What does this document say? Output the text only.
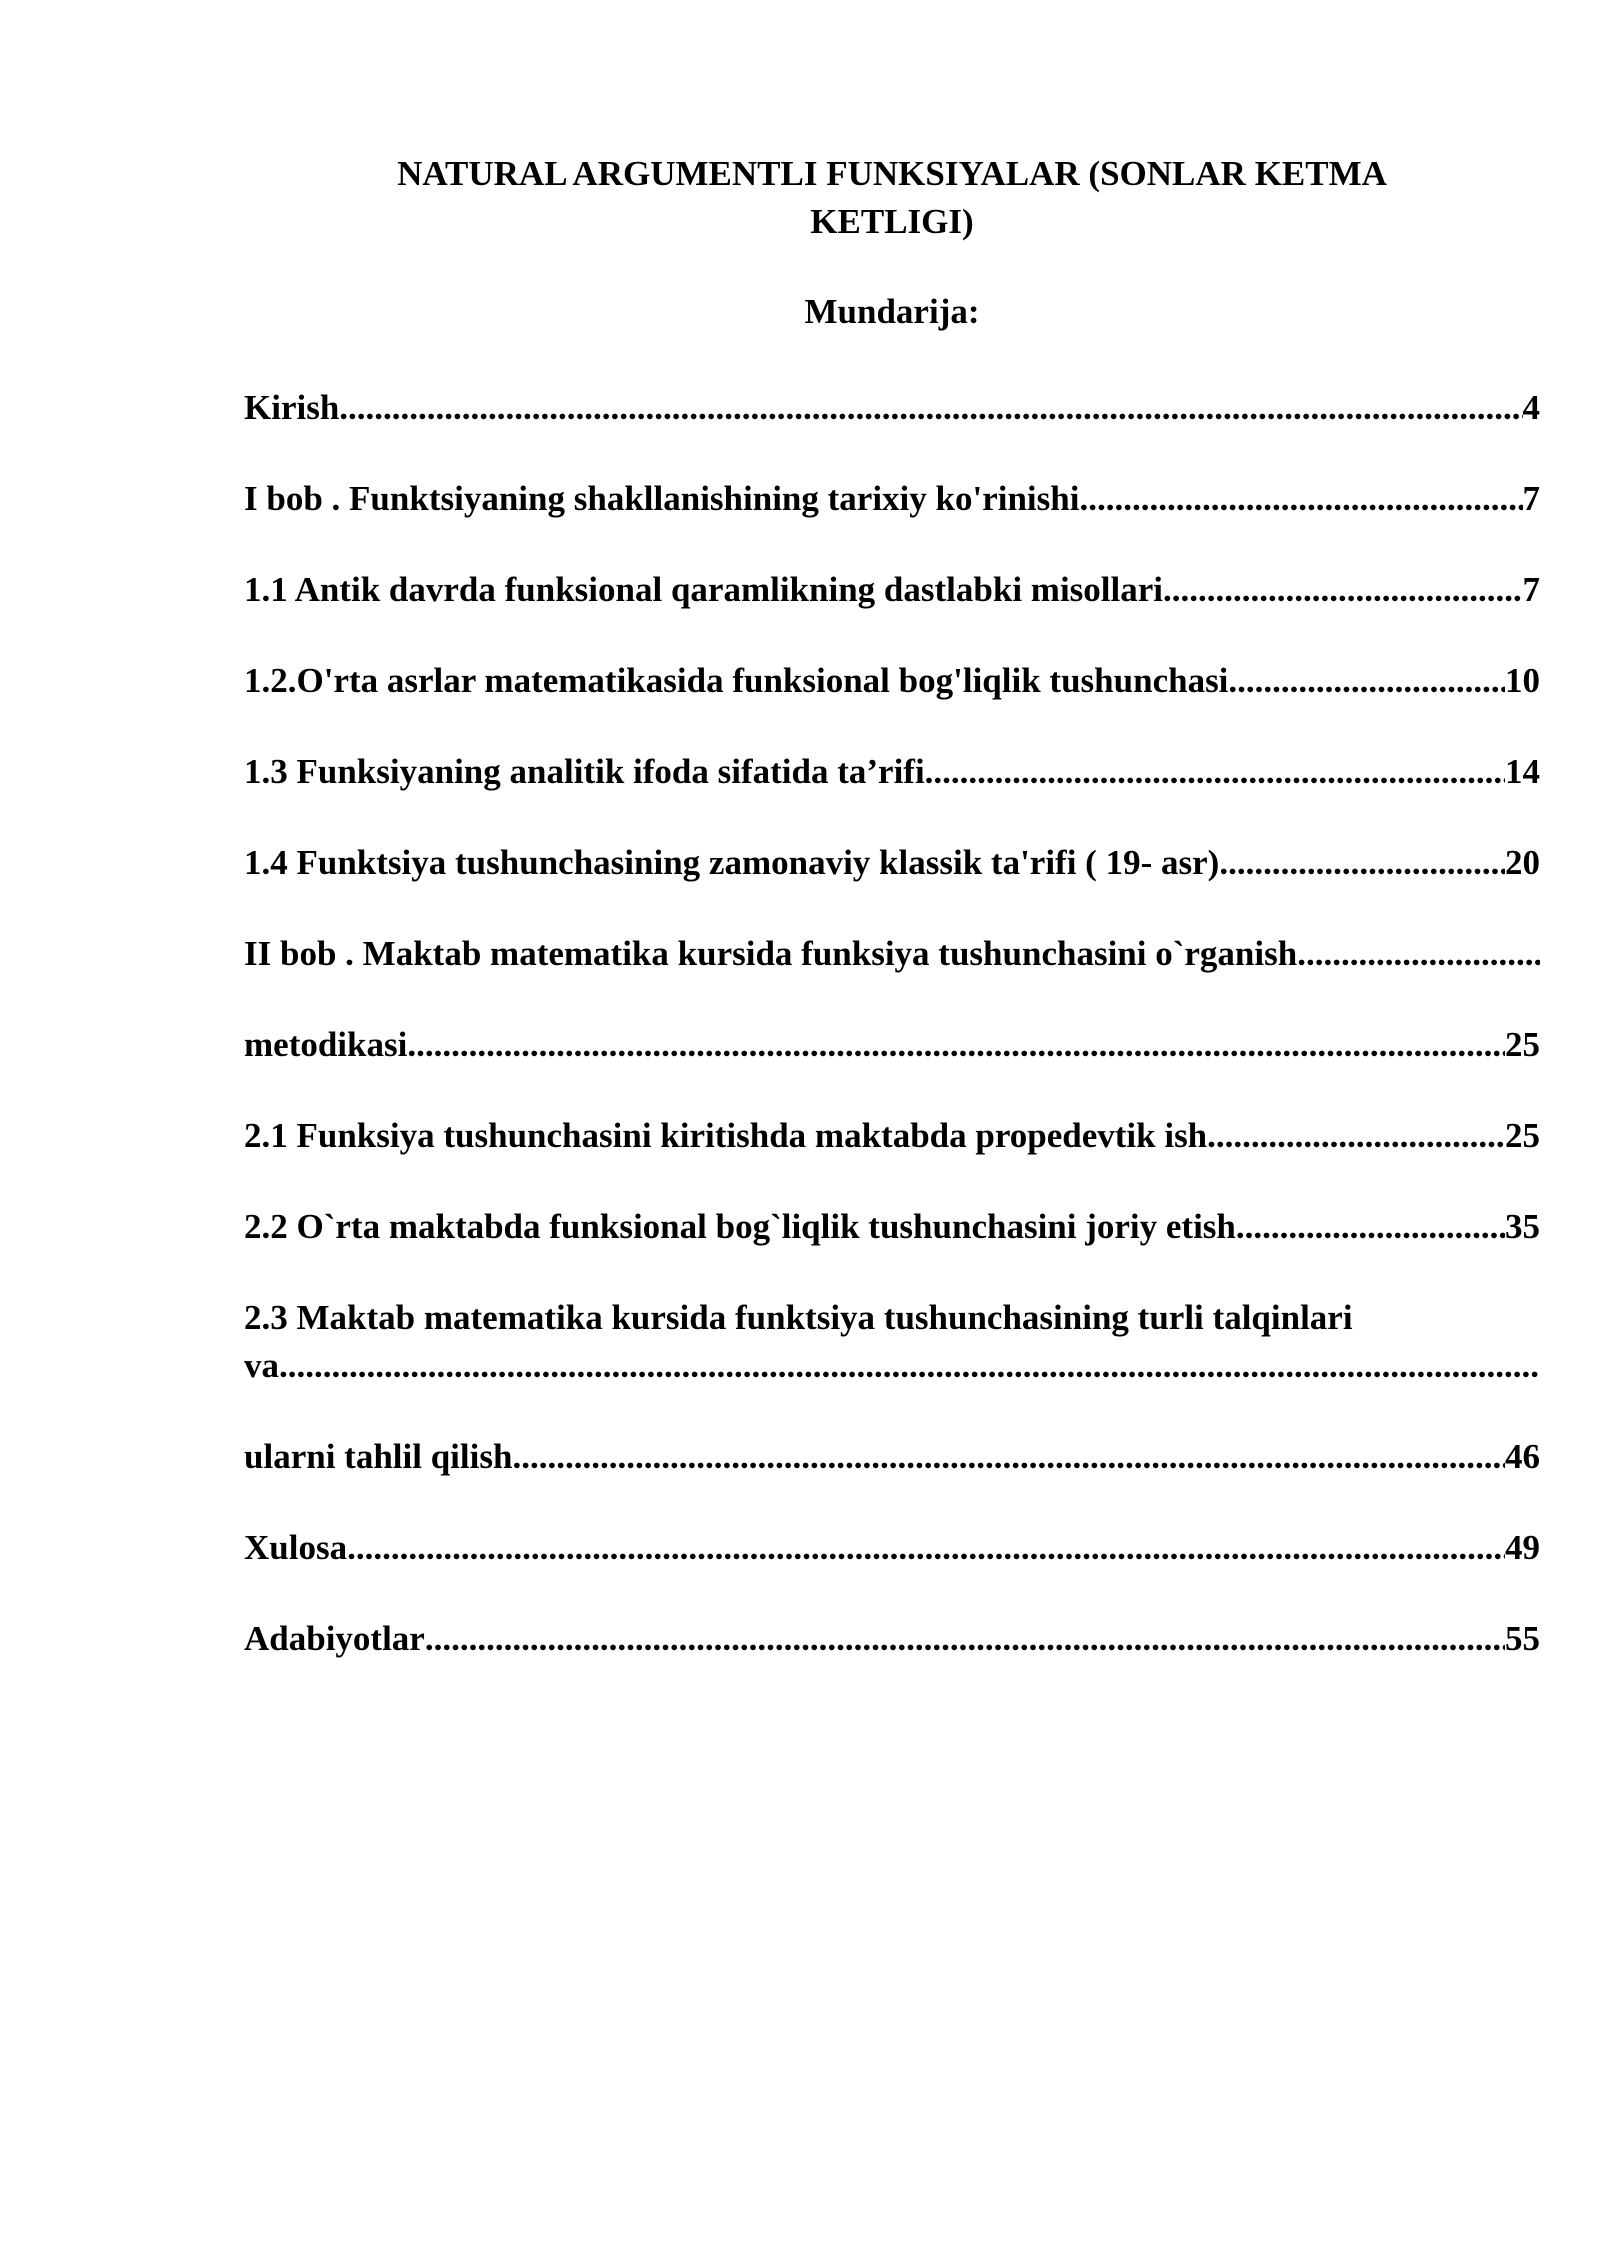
NATURAL ARGUMENTLI FUNKSIYALAR (SONLAR KETMA
KETLIGI)
Mundarija:
Kirish .....	4
I bob . Funktsiyaning shakllanishining tarixiy ko'rinishi .....	7
1.1 Antik davrda funksional qaramlikning dastlabki misollari .....	7
1.2.O'rta asrlar matematikasida funksional bog'liqlik tushunchasi .....	10
1.3 Funksiyaning analitik ifoda sifatida ta’rifi .....	14
1.4 Funktsiya tushunchasining zamonaviy klassik ta'rifi ( 19- asr) .....	20
II bob . Maktab matematika kursida funksiya tushunchasini o`rganish
.....
metodikasi .....	25
2.1 Funksiya tushunchasini kiritishda maktabda propedevtik ish .....	25
2.2 O`rta maktabda funksional bog`liqlik tushunchasini joriy etish .....	35
2.3 Maktab matematika kursida funktsiya tushunchasining turli talqinlari
va
.....
ularni tahlil qilish .....	46
Xulosa .....	49
Adabiyotlar .....	55
